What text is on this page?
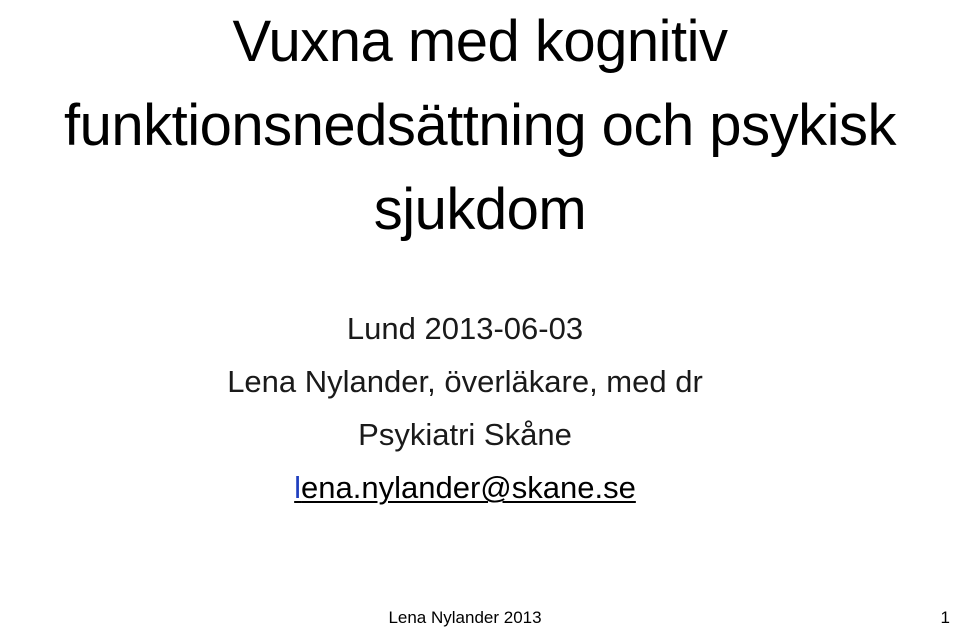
Vuxna med kognitiv
funktionsnedsättning och psykisk
sjukdom
Lund 2013-06-03
Lena Nylander, överläkare, med dr
Psykiatri Skåne
lena.nylander@skane.se
Lena Nylander 2013	1
